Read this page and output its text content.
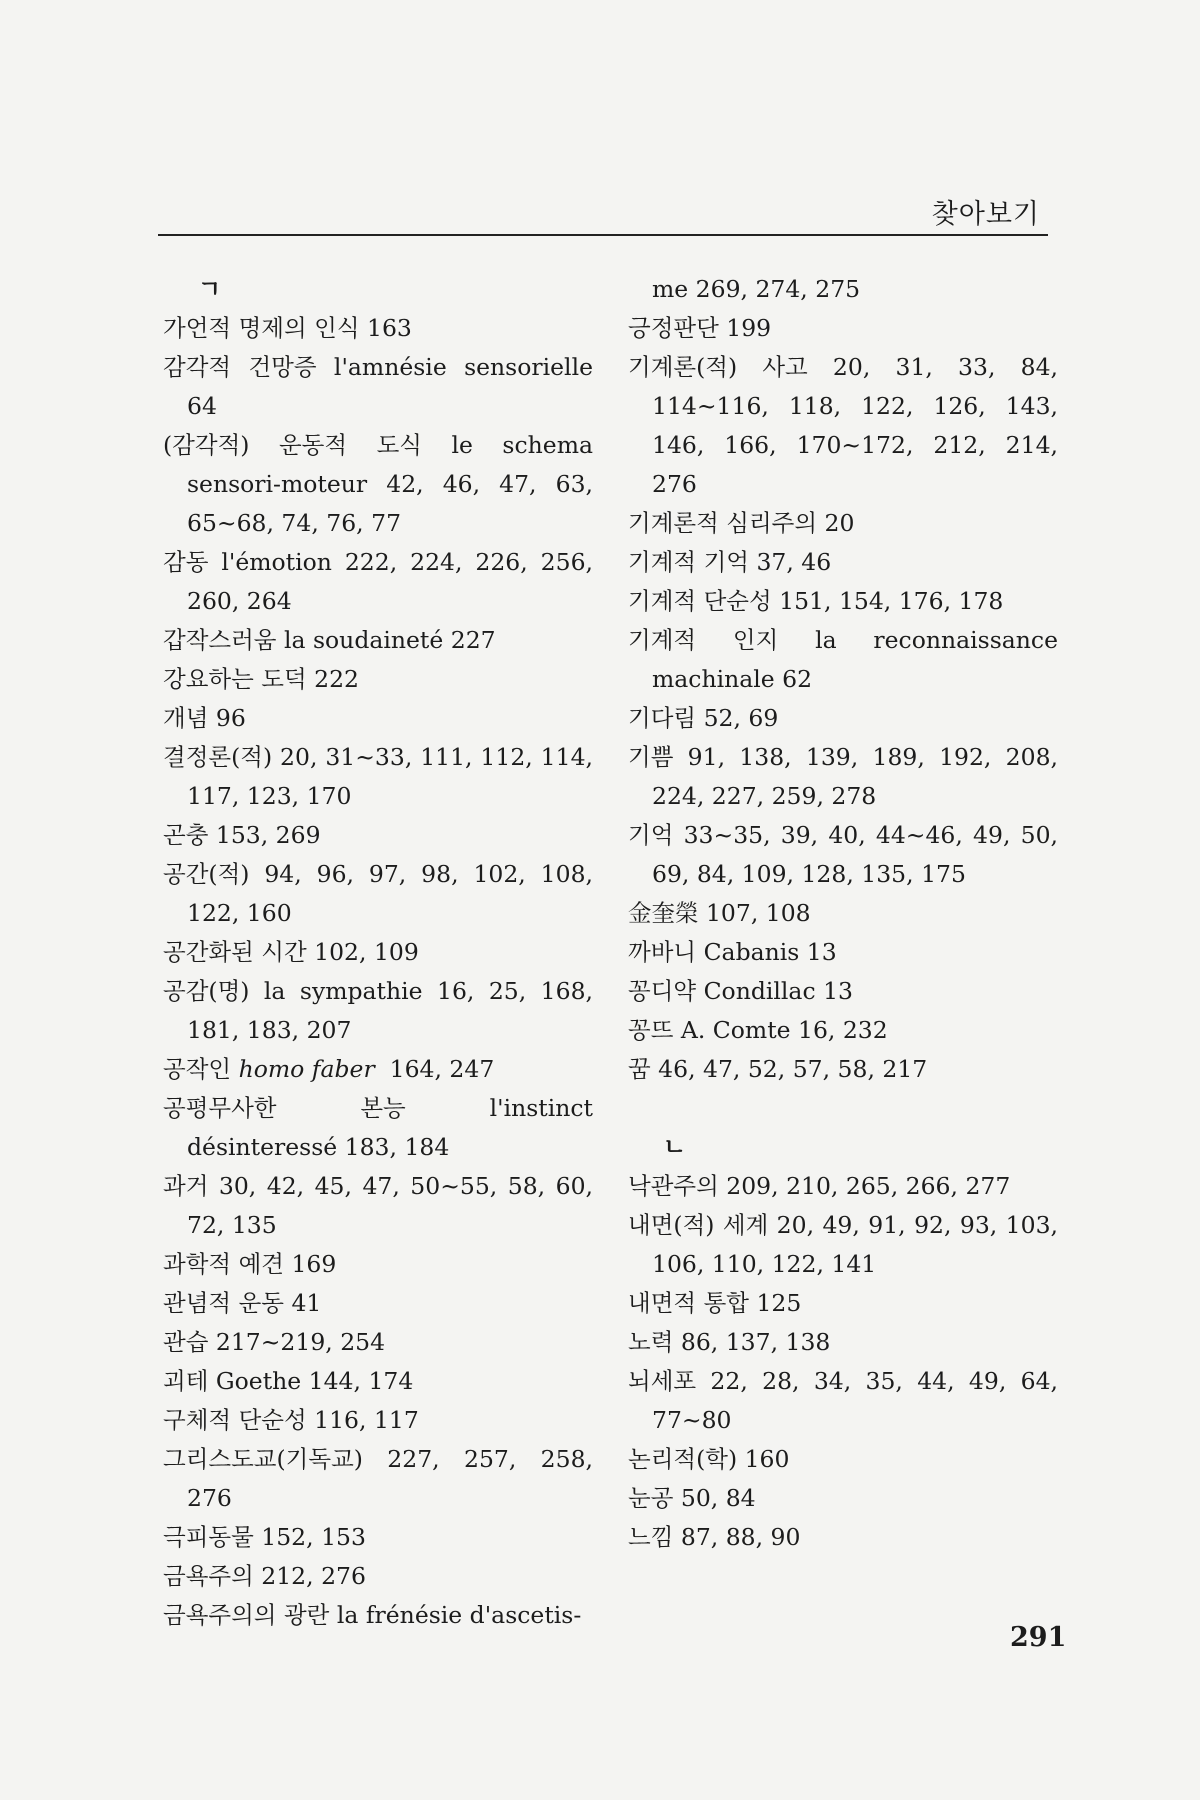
찾아보기
ㄱ
가언적 명제의 인식 163
감각적 건망증 l'amnésie sensorielle 64
(감각적) 운동적 도식 le schema sensori-moteur 42, 46, 47, 63, 65~68, 74, 76, 77
감동 l'émotion 222, 224, 226, 256, 260, 264
갑작스러움 la soudaineté 227
강요하는 도덕 222
개념 96
결정론(적) 20, 31~33, 111, 112, 114, 117, 123, 170
곤충 153, 269
공간(적) 94, 96, 97, 98, 102, 108, 122, 160
공간화된 시간 102, 109
공감(명) la sympathie 16, 25, 168, 181, 183, 207
공작인 homo faber 164, 247
공평무사한 본능 l'instinct désinteressé 183, 184
과거 30, 42, 45, 47, 50~55, 58, 60, 72, 135
과학적 예견 169
관념적 운동 41
관습 217~219, 254
괴테 Goethe 144, 174
구체적 단순성 116, 117
그리스도교(기독교) 227, 257, 258, 276
극피동물 152, 153
금욕주의 212, 276
금욕주의의 광란 la frénésie d'ascetis-
me 269, 274, 275
긍정판단 199
기계론(적) 사고 20, 31, 33, 84, 114~116, 118, 122, 126, 143, 146, 166, 170~172, 212, 214, 276
기계론적 심리주의 20
기계적 기억 37, 46
기계적 단순성 151, 154, 176, 178
기계적 인지 la reconnaissance machinale 62
기다림 52, 69
기쁨 91, 138, 139, 189, 192, 208, 224, 227, 259, 278
기억 33~35, 39, 40, 44~46, 49, 50, 69, 84, 109, 128, 135, 175
金奎榮 107, 108
까바니 Cabanis 13
꽁디약 Condillac 13
꽁뜨 A. Comte 16, 232
꿈 46, 47, 52, 57, 58, 217
ㄴ
낙관주의 209, 210, 265, 266, 277
내면(적) 세계 20, 49, 91, 92, 93, 103, 106, 110, 122, 141
내면적 통합 125
노력 86, 137, 138
뇌세포 22, 28, 34, 35, 44, 49, 64, 77~80
논리적(학) 160
눈공 50, 84
느낌 87, 88, 90
291
